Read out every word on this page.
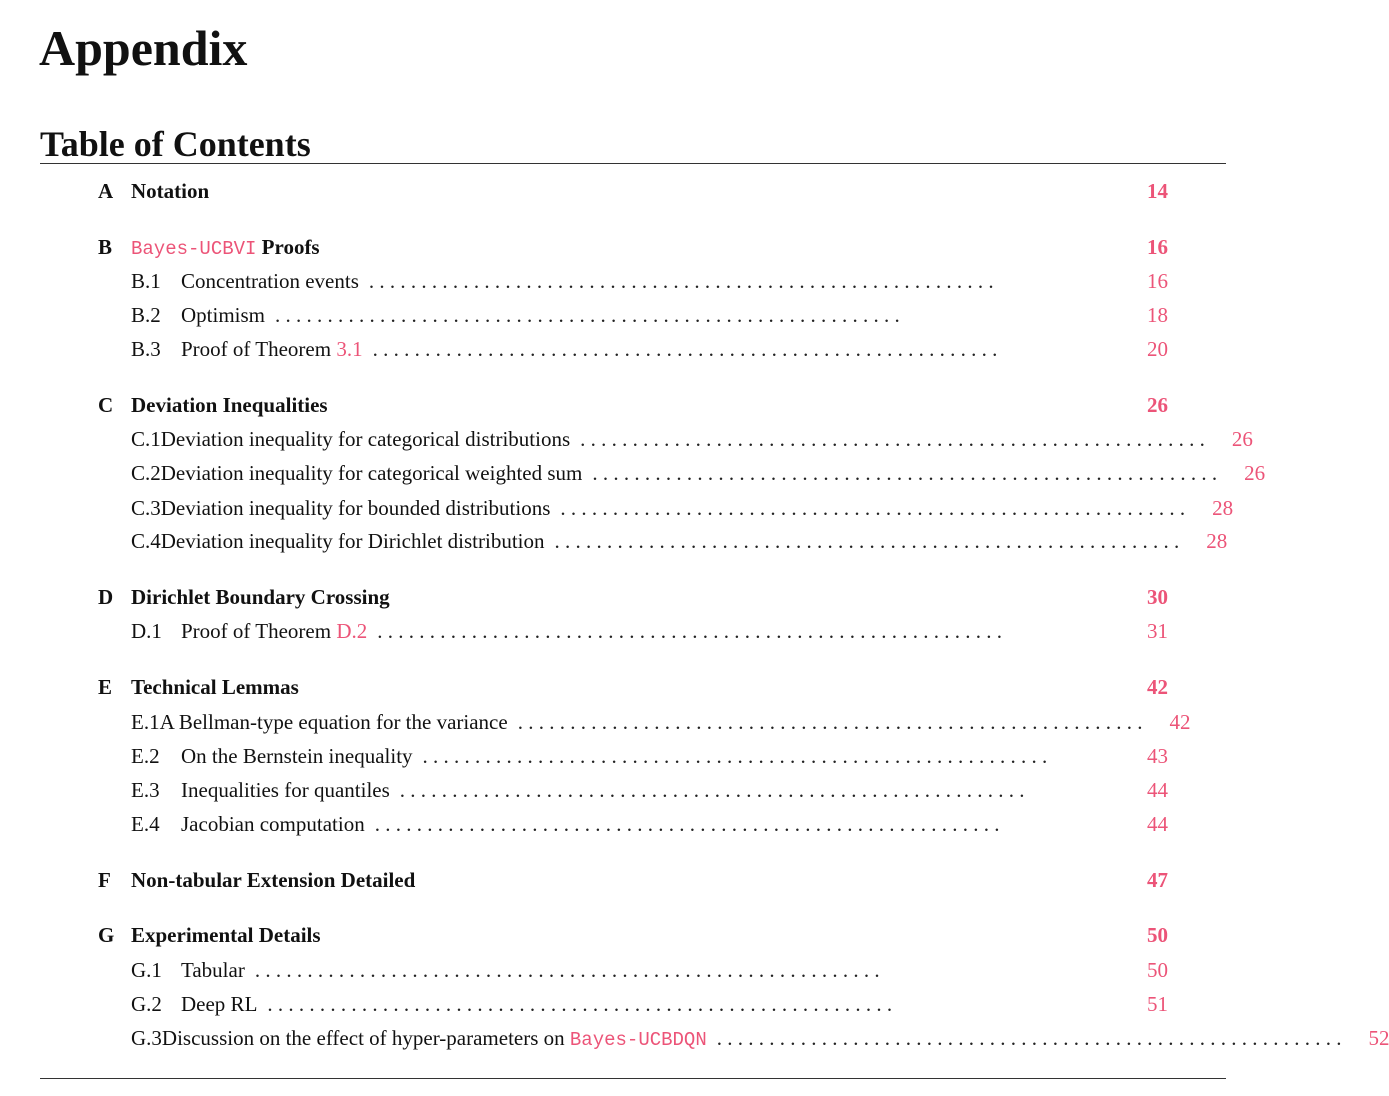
Appendix
Table of Contents
A Notation	14
B Bayes-UCBVI Proofs	16
B.1 Concentration events . . . . . . . . . . . . . . . . . . . . . . . . . . . . . . . . . . . . . . . . . . . . . . . . . . . . . . . . . . . .	16
B.2 Optimism . . . . . . . . . . . . . . . . . . . . . . . . . . . . . . . . . . . . . . . . . . . . . . . . . . . . . . . . . . . .	18
B.3 Proof of Theorem 3.1 . . . . . . . . . . . . . . . . . . . . . . . . . . . . . . . . . . . . . . . . . . . . . . . . . . . . . . . . . . . .	20
C Deviation Inequalities	26
C.1 Deviation inequality for categorical distributions . . . . . . . . . . . . . . . . . . . . . . . . . . . . . . . . . . . . . . . . . . . . . . . . . . . . . . . . . . . . 26
C.2 Deviation inequality for categorical weighted sum . . . . . . . . . . . . . . . . . . . . . . . . . . . . . . . . . . . . . . . . . . . . . . . . . . . . . . . . . . . . 26
C.3 Deviation inequality for bounded distributions . . . . . . . . . . . . . . . . . . . . . . . . . . . . . . . . . . . . . . . . . . . . . . . . . . . . . . . . . . . . 28
C.4 Deviation inequality for Dirichlet distribution . . . . . . . . . . . . . . . . . . . . . . . . . . . . . . . . . . . . . . . . . . . . . . . . . . . . . . . . . . . . 28
D Dirichlet Boundary Crossing	30
D.1 Proof of Theorem D.2 . . . . . . . . . . . . . . . . . . . . . . . . . . . . . . . . . . . . . . . . . . . . . . . . . . . . . . . . . . . .	31
E Technical Lemmas	42
E.1 A Bellman-type equation for the variance . . . . . . . . . . . . . . . . . . . . . . . . . . . . . . . . . . . . . . . . . . . . . . . . . . . . . . . . . . . . 42
E.2	On the Bernstein inequality . . . . . . . . . . . . . . . . . . . . . . . . . . . . . . . . . . . . . . . . . . . . . . . . . . . . . . . . . . . .	43
E.3	Inequalities for quantiles . . . . . . . . . . . . . . . . . . . . . . . . . . . . . . . . . . . . . . . . . . . . . . . . . . . . . . . . . . . .	44
E.4	Jacobian computation . . . . . . . . . . . . . . . . . . . . . . . . . . . . . . . . . . . . . . . . . . . . . . . . . . . . . . . . . . . .	44
F Non-tabular Extension Detailed	47
G Experimental Details	50
G.1 Tabular . . . . . . . . . . . . . . . . . . . . . . . . . . . . . . . . . . . . . . . . . . . . . . . . . . . . . . . . . . . .	50
G.2 Deep RL . . . . . . . . . . . . . . . . . . . . . . . . . . . . . . . . . . . . . . . . . . . . . . . . . . . . . . . . . . . .	51
G.3 Discussion on the effect of hyper-parameters on Bayes-UCBDQN . . . . . . . . . . . . . . . . . . . . . . . . . . . . . . . . . . . . . . . . . . . . . . . . . . . . . . . . . . . . 52
